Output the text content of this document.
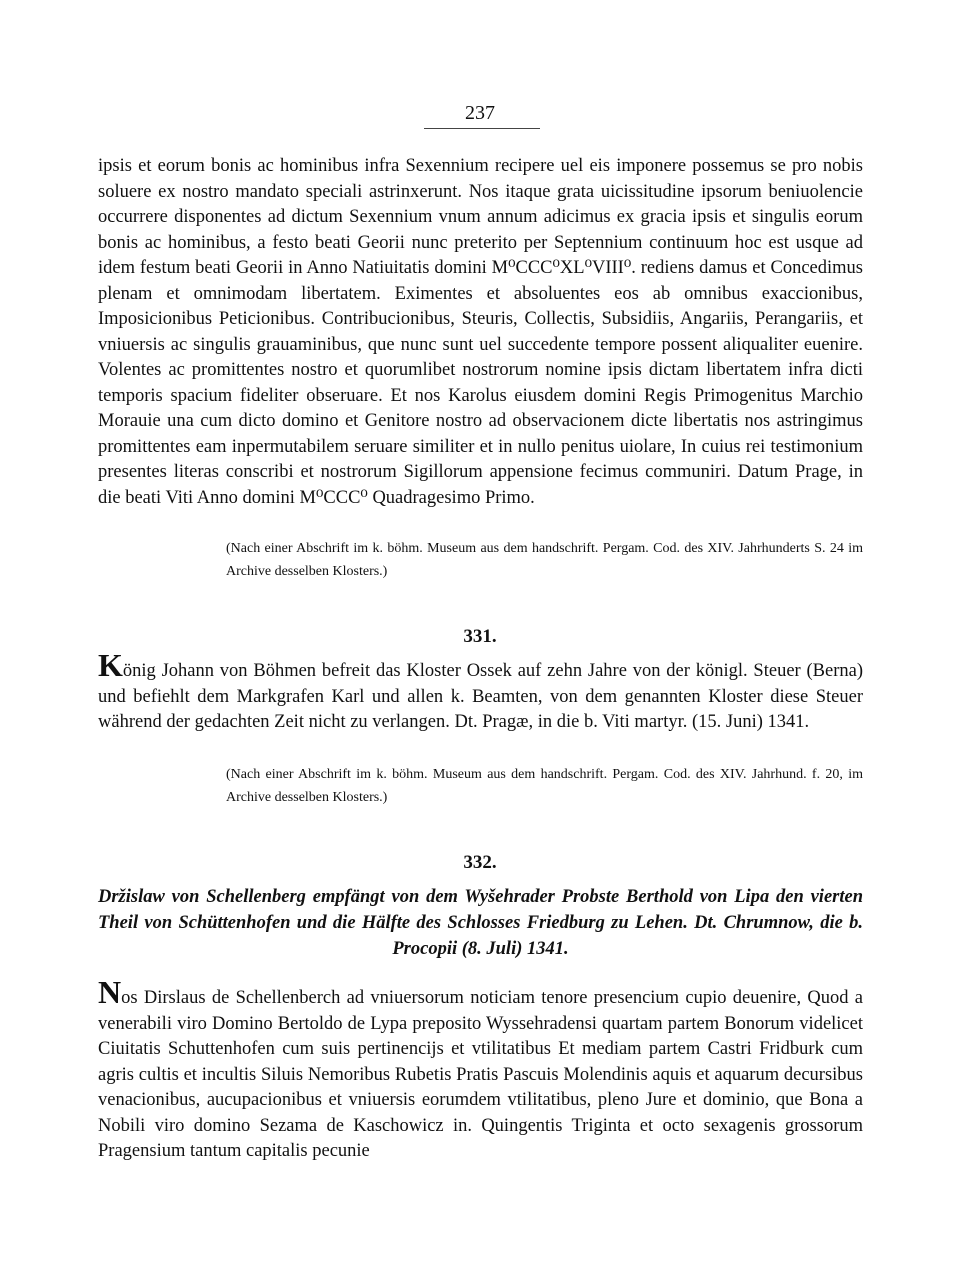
237

ipsis et eorum bonis ac hominibus infra Sexennium recipere uel eis imponere possemus se pro nobis soluere ex nostro mandato speciali astrinxerunt. Nos itaque grata uicissitudine ipsorum beniuolencie occurrere disponentes ad dictum Sexennium vnum annum adicimus ex gracia ipsis et singulis eorum bonis ac hominibus, a festo beati Georii nunc preterito per Septennium continuum hoc est usque ad idem festum beati Georii in Anno Natiuitatis domini M⁰CCC⁰XL⁰VIII⁰. rediens damus et Concedimus plenam et omnimodam libertatem. Eximentes et absoluentes eos ab omnibus exaccionibus, Imposicionibus Peticionibus. Contribucionibus, Steuris, Collectis, Subsidiis, Angariis, Perangariis, et vniuersis ac singulis grauaminibus, que nunc sunt uel succedente tempore possent aliqualiter euenire. Volentes ac promittentes nostro et quorumlibet nostrorum nomine ipsis dictam libertatem infra dicti temporis spacium fideliter obseruare. Et nos Karolus eiusdem domini Regis Primogenitus Marchio Morauie una cum dicto domino et Genitore nostro ad observacionem dicte libertatis nos astringimus promittentes eam inpermutabilem seruare similiter et in nullo penitus uiolare, In cuius rei testimonium presentes literas conscribi et nostrorum Sigillorum appensione fecimus communiri. Datum Prage, in die beati Viti Anno domini M⁰CCC⁰ Quadragesimo Primo.

(Nach einer Abschrift im k. böhm. Museum aus dem handschrift. Pergam. Cod. des XIV. Jahrhunderts S. 24 im Archive desselben Klosters.)

331.

König Johann von Böhmen befreit das Kloster Ossek auf zehn Jahre von der königl. Steuer (Berna) und befiehlt dem Markgrafen Karl und allen k. Beamten, von dem genannten Kloster diese Steuer während der gedachten Zeit nicht zu verlangen. Dt. Pragæ, in die b. Viti martyr. (15. Juni) 1341.

(Nach einer Abschrift im k. böhm. Museum aus dem handschrift. Pergam. Cod. des XIV. Jahrhund. f. 20, im Archive desselben Klosters.)

332.

Držislaw von Schellenberg empfängt von dem Wyšehrader Probste Berthold von Lipa den vierten Theil von Schüttenhofen und die Hälfte des Schlosses Friedburg zu Lehen. Dt. Chrumnow, die b. Procopii (8. Juli) 1341.

Nos Dirslaus de Schellenberch ad vniuersorum noticiam tenore presencium cupio deuenire, Quod a venerabili viro Domino Bertoldo de Lypa preposito Wyssehradensi quartam partem Bonorum videlicet Ciuitatis Schuttenhofen cum suis pertinencijs et vtilitatibus Et mediam partem Castri Fridburk cum agris cultis et incultis Siluis Nemoribus Rubetis Pratis Pascuis Molendinis aquis et aquarum decursibus venacionibus, aucupacionibus et vniuersis eorumdem vtilitatibus, pleno Jure et dominio, que Bona a Nobili viro domino Sezama de Kaschowicz in. Quingentis Triginta et octo sexagenis grossorum Pragensium tantum capitalis pecunie
